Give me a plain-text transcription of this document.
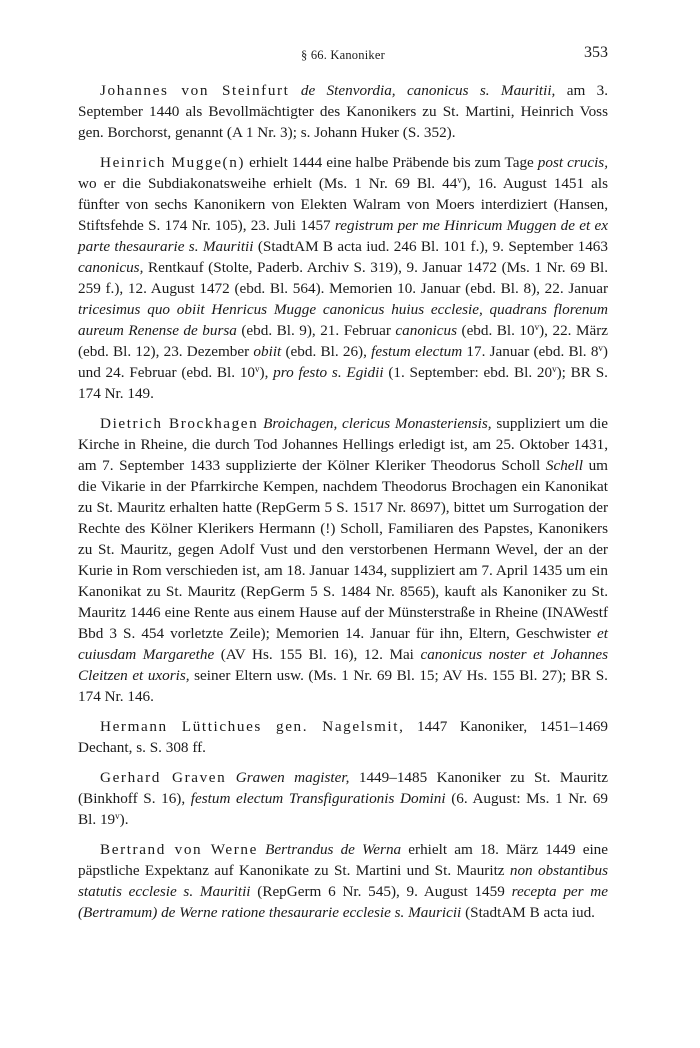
§ 66. Kanoniker	353

Johannes von Steinfurt de Stenvordia, canonicus s. Mauritii, am 3. September 1440 als Bevollmächtigter des Kanonikers zu St. Martini, Heinrich Voss gen. Borchorst, genannt (A 1 Nr. 3); s. Johann Huker (S. 352).

Heinrich Mugge(n) erhielt 1444 eine halbe Präbende bis zum Tage post crucis, wo er die Subdiakonatsweihe erhielt (Ms. 1 Nr. 69 Bl. 44$^v$), 16. August 1451 als fünfter von sechs Kanonikern von Elekten Walram von Moers interdiziert (Hansen, Stiftsfehde S. 174 Nr. 105), 23. Juli 1457 registrum per me Hinricum Muggen de et ex parte thesaurarie s. Mauritii (StadtAM B acta iud. 246 Bl. 101 f.), 9. September 1463 canonicus, Rentkauf (Stolte, Paderb. Archiv S. 319), 9. Januar 1472 (Ms. 1 Nr. 69 Bl. 259 f.), 12. August 1472 (ebd. Bl. 564). Memorien 10. Januar (ebd. Bl. 8), 22. Januar tricesimus quo obiit Henricus Mugge canonicus huius ecclesie, quadrans florenum aureum Renense de bursa (ebd. Bl. 9), 21. Februar canonicus (ebd. Bl. 10$^v$), 22. März (ebd. Bl. 12), 23. Dezember obiit (ebd. Bl. 26), festum electum 17. Januar (ebd. Bl. 8$^v$) und 24. Februar (ebd. Bl. 10$^v$), pro festo s. Egidii (1. September: ebd. Bl. 20$^v$); BR S. 174 Nr. 149.

Dietrich Brockhagen Broichagen, clericus Monasteriensis, suppliziert um die Kirche in Rheine, die durch Tod Johannes Hellings erledigt ist, am 25. Oktober 1431, am 7. September 1433 supplizierte der Kölner Kleriker Theodorus Scholl Schell um die Vikarie in der Pfarrkirche Kempen, nachdem Theodorus Brochagen ein Kanonikat zu St. Mauritz erhalten hatte (RepGerm 5 S. 1517 Nr. 8697), bittet um Surrogation der Rechte des Kölner Klerikers Hermann (!) Scholl, Familiaren des Papstes, Kanonikers zu St. Mauritz, gegen Adolf Vust und den verstorbenen Hermann Wevel, der an der Kurie in Rom verschieden ist, am 18. Januar 1434, suppliziert am 7. April 1435 um ein Kanonikat zu St. Mauritz (RepGerm 5 S. 1484 Nr. 8565), kauft als Kanoniker zu St. Mauritz 1446 eine Rente aus einem Hause auf der Münsterstraße in Rheine (INAWestf Bbd 3 S. 454 vorletzte Zeile); Memorien 14. Januar für ihn, Eltern, Geschwister et cuiusdam Margarethe (AV Hs. 155 Bl. 16), 12. Mai canonicus noster et Johannes Cleitzen et uxoris, seiner Eltern usw. (Ms. 1 Nr. 69 Bl. 15; AV Hs. 155 Bl. 27); BR S. 174 Nr. 146.

Hermann Lüttichues gen. Nagelsmit, 1447 Kanoniker, 1451–1469 Dechant, s. S. 308 ff.

Gerhard Graven Grawen magister, 1449–1485 Kanoniker zu St. Mauritz (Binkhoff S. 16), festum electum Transfigurationis Domini (6. August: Ms. 1 Nr. 69 Bl. 19$^v$).

Bertrand von Werne Bertrandus de Werna erhielt am 18. März 1449 eine päpstliche Expektanz auf Kanonikate zu St. Martini und St. Mauritz non obstantibus statutis ecclesie s. Mauritii (RepGerm 6 Nr. 545), 9. August 1459 recepta per me (Bertramum) de Werne ratione thesaurarie ecclesie s. Mauricii (StadtAM B acta iud.
